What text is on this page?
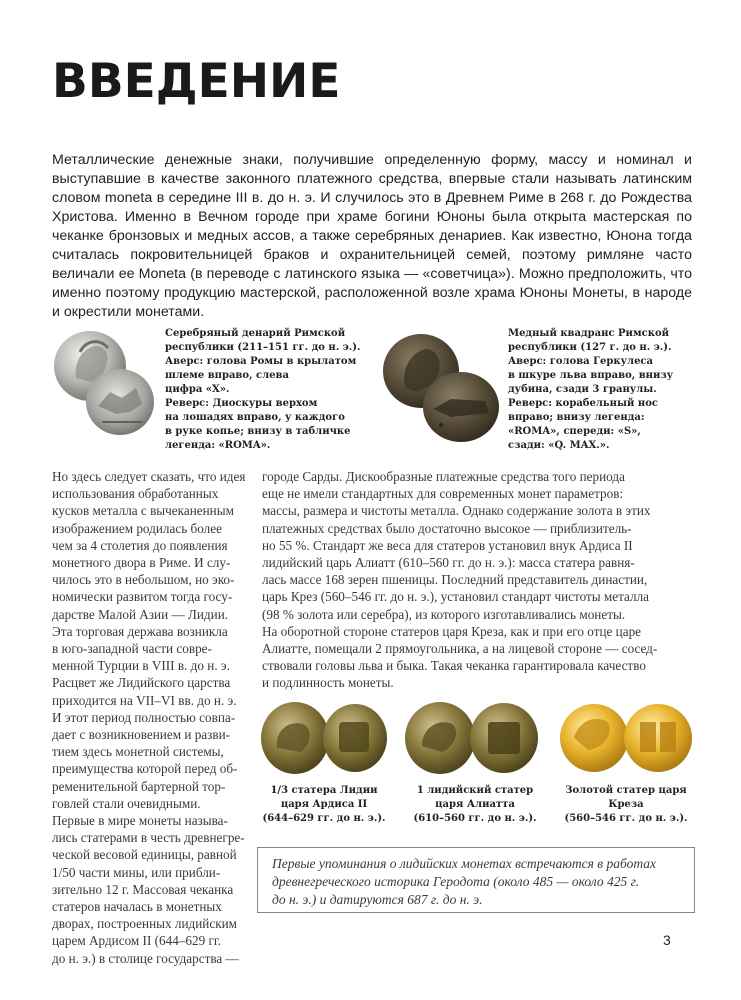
ВВЕДЕНИЕ

Металлические денежные знаки, получившие определенную форму, массу и номинал и выступавшие в качестве законного платежного средства, впервые стали называть латинским словом moneta в середине III в. до н. э. И случилось это в Древнем Риме в 268 г. до Рождества Христова. Именно в Вечном городе при храме богини Юноны была открыта мастерская по чеканке бронзовых и медных ассов, а также серебряных денариев. Как известно, Юнона тогда считалась покровительницей браков и охранительницей семей, поэтому римляне часто величали ее Moneta (в переводе с латинского языка — «советчица»). Можно предположить, что именно поэтому продукцию мастерской, расположенной возле храма Юноны Монеты, в народе и окрестили монетами.

Серебряный денарий Римской
республики (211–151 гг. до н. э.).
Аверс: голова Ромы в крылатом
шлеме вправо, слева
цифра «Х».
Реверс: Диоскуры верхом
на лошадях вправо, у каждого
в руке копье; внизу в табличке
легенда: «ROMA».
Медный квадранс Римской
республики (127 г. до н. э.).
Аверс: голова Геркулеса
в шкуре льва вправо, внизу
дубина, сзади 3 гранулы.
Реверс: корабельный нос
вправо; внизу легенда:
«ROMA», спереди: «S»,
сзади: «Q. MAX.».
Но здесь следует сказать, что идея
использования обработанных
кусков металла с вычеканенным
изображением родилась более
чем за 4 столетия до появления
монетного двора в Риме. И слу-
чилось это в небольшом, но эко-
номически развитом тогда госу-
дарстве Малой Азии — Лидии.
Эта торговая держава возникла
в юго-западной части совре-
менной Турции в VIII в. до н. э.
Расцвет же Лидийского царства
приходится на VII–VI вв. до н. э.
И этот период полностью совпа-
дает с возникновением и разви-
тием здесь монетной системы,
преимущества которой перед об-
ременительной бартерной тор-
говлей стали очевидными.
Первые в мире монеты называ-
лись статерами в честь древнегре-
ческой весовой единицы, равной
1/50 части мины, или прибли-
зительно 12 г. Массовая чеканка
статеров началась в монетных
дворах, построенных лидийским
царем Ардисом II (644–629 гг.
до н. э.) в столице государства —
городе Сарды. Дискообразные платежные средства того периода
еще не имели стандартных для современных монет параметров:
массы, размера и чистоты металла. Однако содержание золота в этих
платежных средствах было достаточно высокое — приблизитель-
но 55 %. Стандарт же веса для статеров установил внук Ардиса II
лидийский царь Алиатт (610–560 гг. до н. э.): масса статера равня-
лась массе 168 зерен пшеницы. Последний представитель династии,
царь Крез (560–546 гг. до н. э.), установил стандарт чистоты металла
(98 % золота или серебра), из которого изготавливались монеты.
На оборотной стороне статеров царя Креза, как и при его отце царе
Алиатте, помещали 2 прямоугольника, а на лицевой стороне — сосед-
ствовали головы льва и быка. Такая чеканка гарантировала качество
и подлинность монеты.
1/3 статера Лидии
царя Ардиса II
(644–629 гг. до н. э.).
1 лидийский статер
царя Алиатта
(610–560 гг. до н. э.).
Золотой статер царя
Креза
(560–546 гг. до н. э.).

Первые упоминания о лидийских монетах встречаются в работах
древнегреческого историка Геродота (около 485 — около 425 г.
до н. э.) и датируются 687 г. до н. э.

3
